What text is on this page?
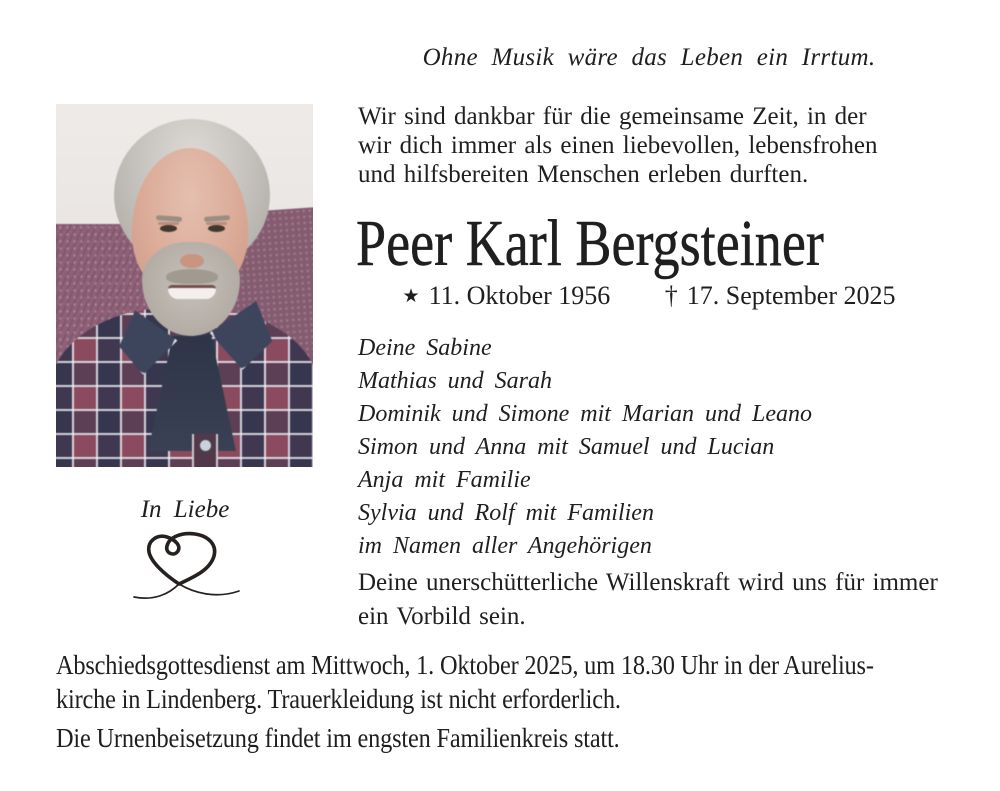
Ohne Musik wäre das Leben ein Irrtum.
Wir sind dankbar für die gemeinsame Zeit, in der
wir dich immer als einen liebevollen, lebensfrohen
und hilfsbereiten Menschen erleben durften.
Peer Karl Bergsteiner
★ 11. Oktober 1956 † 17. September 2025
Deine Sabine
Mathias und Sarah
Dominik und Simone mit Marian und Leano
Simon und Anna mit Samuel und Lucian
Anja mit Familie
Sylvia und Rolf mit Familien
im Namen aller Angehörigen
In Liebe
Deine unerschütterliche Willenskraft wird uns für immer
ein Vorbild sein.
Abschiedsgottesdienst am Mittwoch, 1. Oktober 2025, um 18.30 Uhr in der Aurelius-
kirche in Lindenberg. Trauerkleidung ist nicht erforderlich.
Die Urnenbeisetzung findet im engsten Familienkreis statt.
